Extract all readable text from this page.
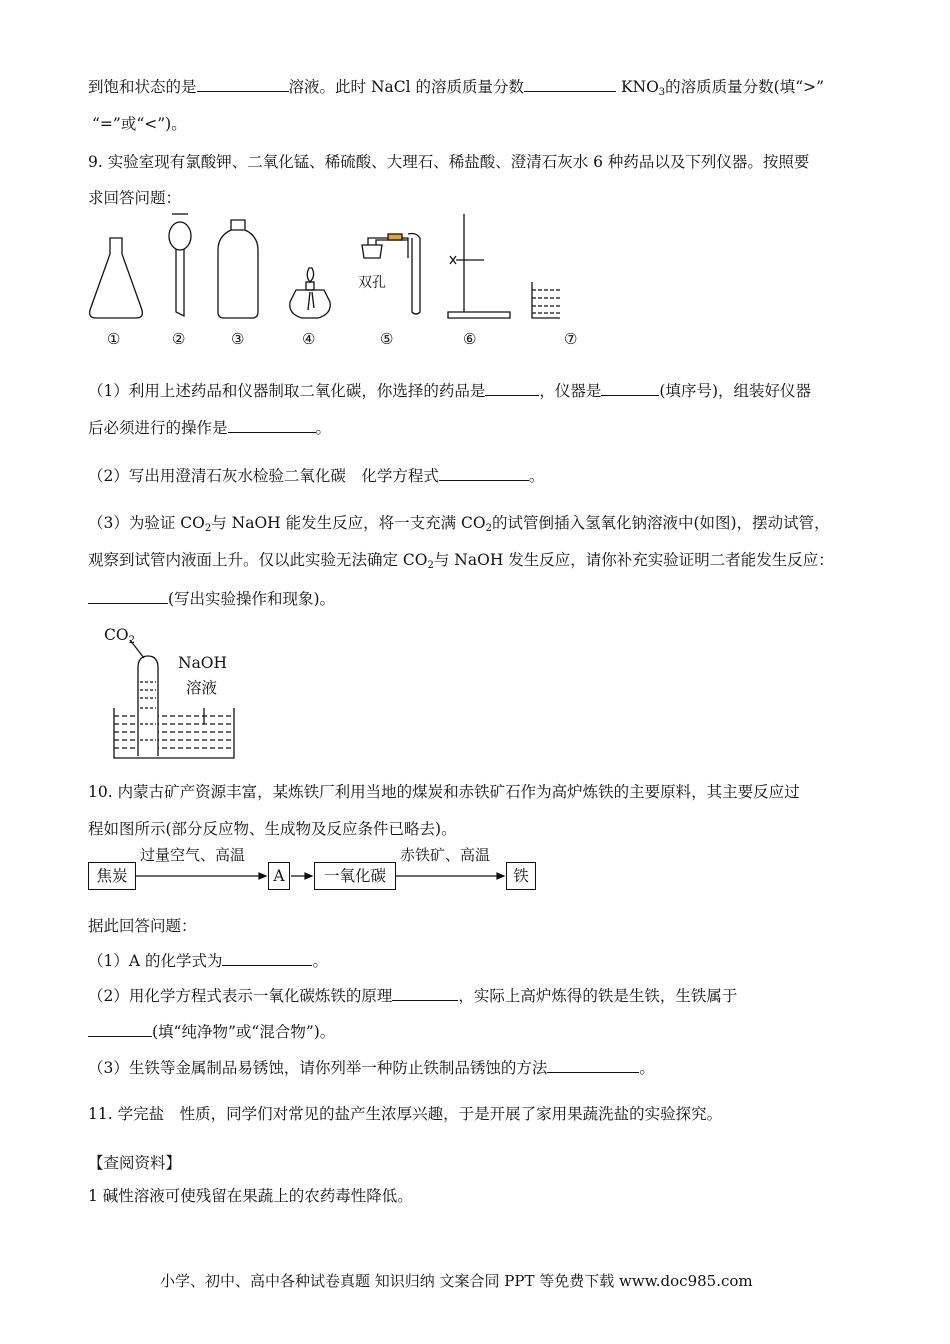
到饱和状态的是	溶液。此时 NaCl 的溶质质量分数	$KNO_3$的溶质质量分数(填“>”
“=”或“<”)。
9. 实验室现有氯酸钾、二氧化锰、稀硫酸、大理石、稀盐酸、澄清石灰水 6 种药品以及下列仪器。按照要
求回答问题：
双孔
①	②	③	④	⑤	⑥	⑦
（1）利用上述药品和仪器制取二氧化碳，你选择的药品是	，仪器是	(填序号)，组装好仪器
后必须进行的操作是	。
（2）写出用澄清石灰水检验二氧化碳　化学方程式	。
（3）为验证 $CO_2$与 NaOH 能发生反应，将一支充满 $CO_2$的试管倒插入氢氧化钠溶液中(如图)，摆动试管，
观察到试管内液面上升。仅以此实验无法确定 $CO_2$与 NaOH 发生反应，请你补充实验证明二者能发生反应：
(写出实验操作和现象)。
$CO_2$
NaOH
溶液
10. 内蒙古矿产资源丰富，某炼铁厂利用当地的煤炭和赤铁矿石作为高炉炼铁的主要原料，其主要反应过
程如图所示(部分反应物、生成物及反应条件已略去)。
焦炭
过量空气、高温
A	一氧化碳
赤铁矿、高温
铁
据此回答问题：
（1）A 的化学式为	。
（2）用化学方程式表示一氧化碳炼铁的原理	，实际上高炉炼得的铁是生铁，生铁属于
(填“纯净物”或“混合物”)。
（3）生铁等金属制品易锈蚀，请你列举一种防止铁制品锈蚀的方法	。
11. 学完盐　性质，同学们对常见的盐产生浓厚兴趣，于是开展了家用果蔬洗盐的实验探究。
【查阅资料】
1 碱性溶液可使残留在果蔬上的农药毒性降低。
小学、初中、高中各种试卷真题 知识归纳 文案合同 PPT 等免费下载 www.doc985.com
